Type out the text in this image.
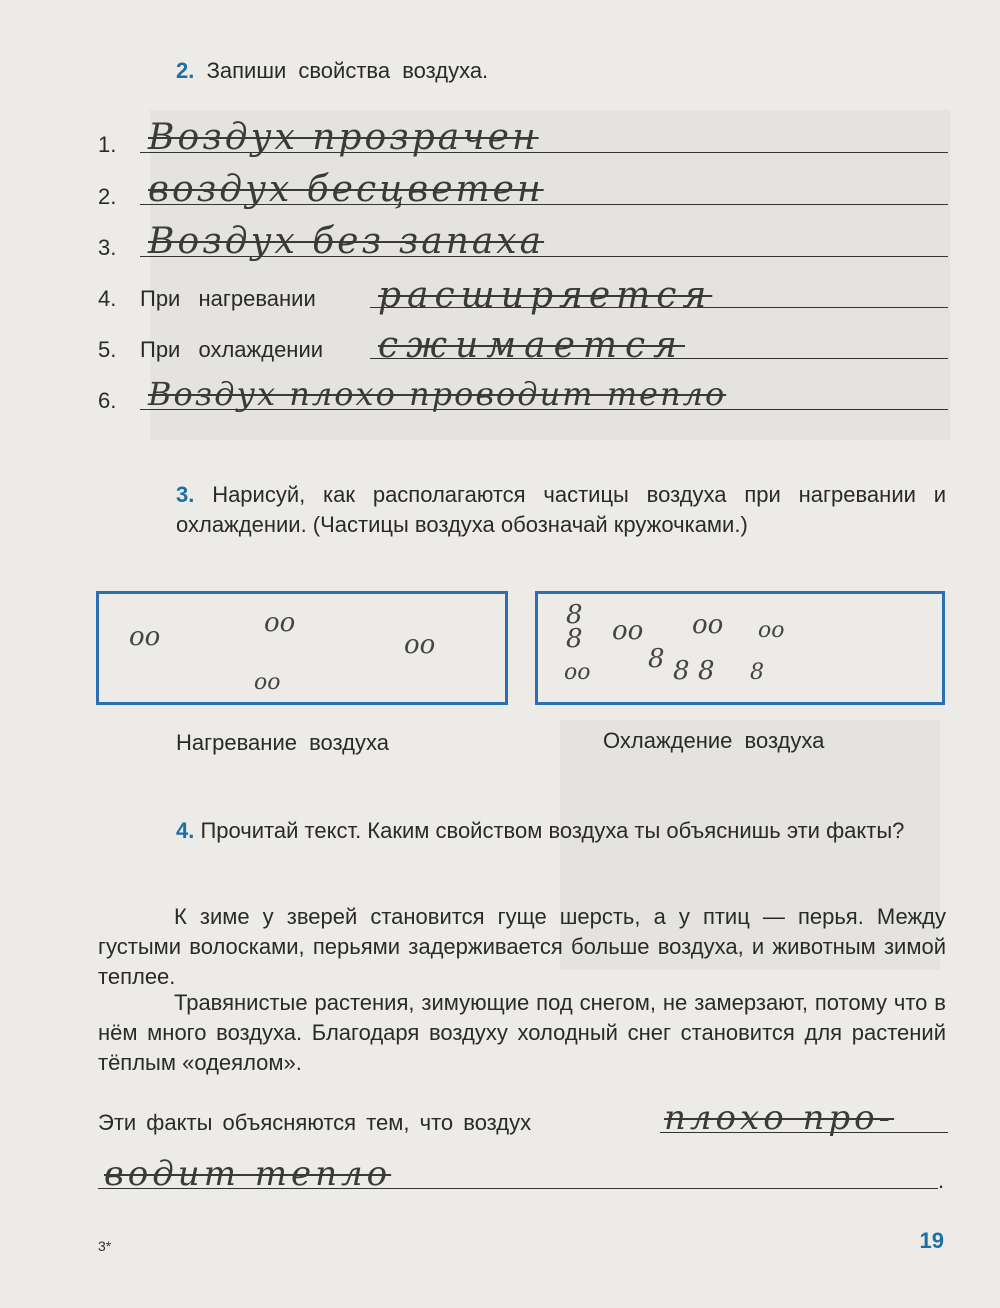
2. Запиши свойства воздуха.
1. Воздух прозрачен
2. воздух бесцветен
3. Воздух без запаха
4. При нагревании расширяется
5. При охлаждении сжимается
6. Воздух плохо проводит тепло
3. Нарисуй, как располагаются частицы воздуха при нагревании и охлаждении. (Частицы воздуха обозначай кружочками.)
oo	oo
oo
oo
8
8 oo oo oo
oo 8 8 8 8
Нагревание воздуха	Охлаждение воздуха
4. Прочитай текст. Каким свойством воздуха ты объяснишь эти факты?
К зиме у зверей становится гуще шерсть, а у птиц — перья. Между густыми волосками, перьями задерживается больше воздуха, и животным зимой теплее.
Травянистые растения, зимующие под снегом, не замерзают, потому что в нём много воздуха. Благодаря воздуху холодный снег становится для растений тёплым «одеялом».
Эти факты объясняются тем, что воздух	плохо про-
водит тепло	.
3*	19
